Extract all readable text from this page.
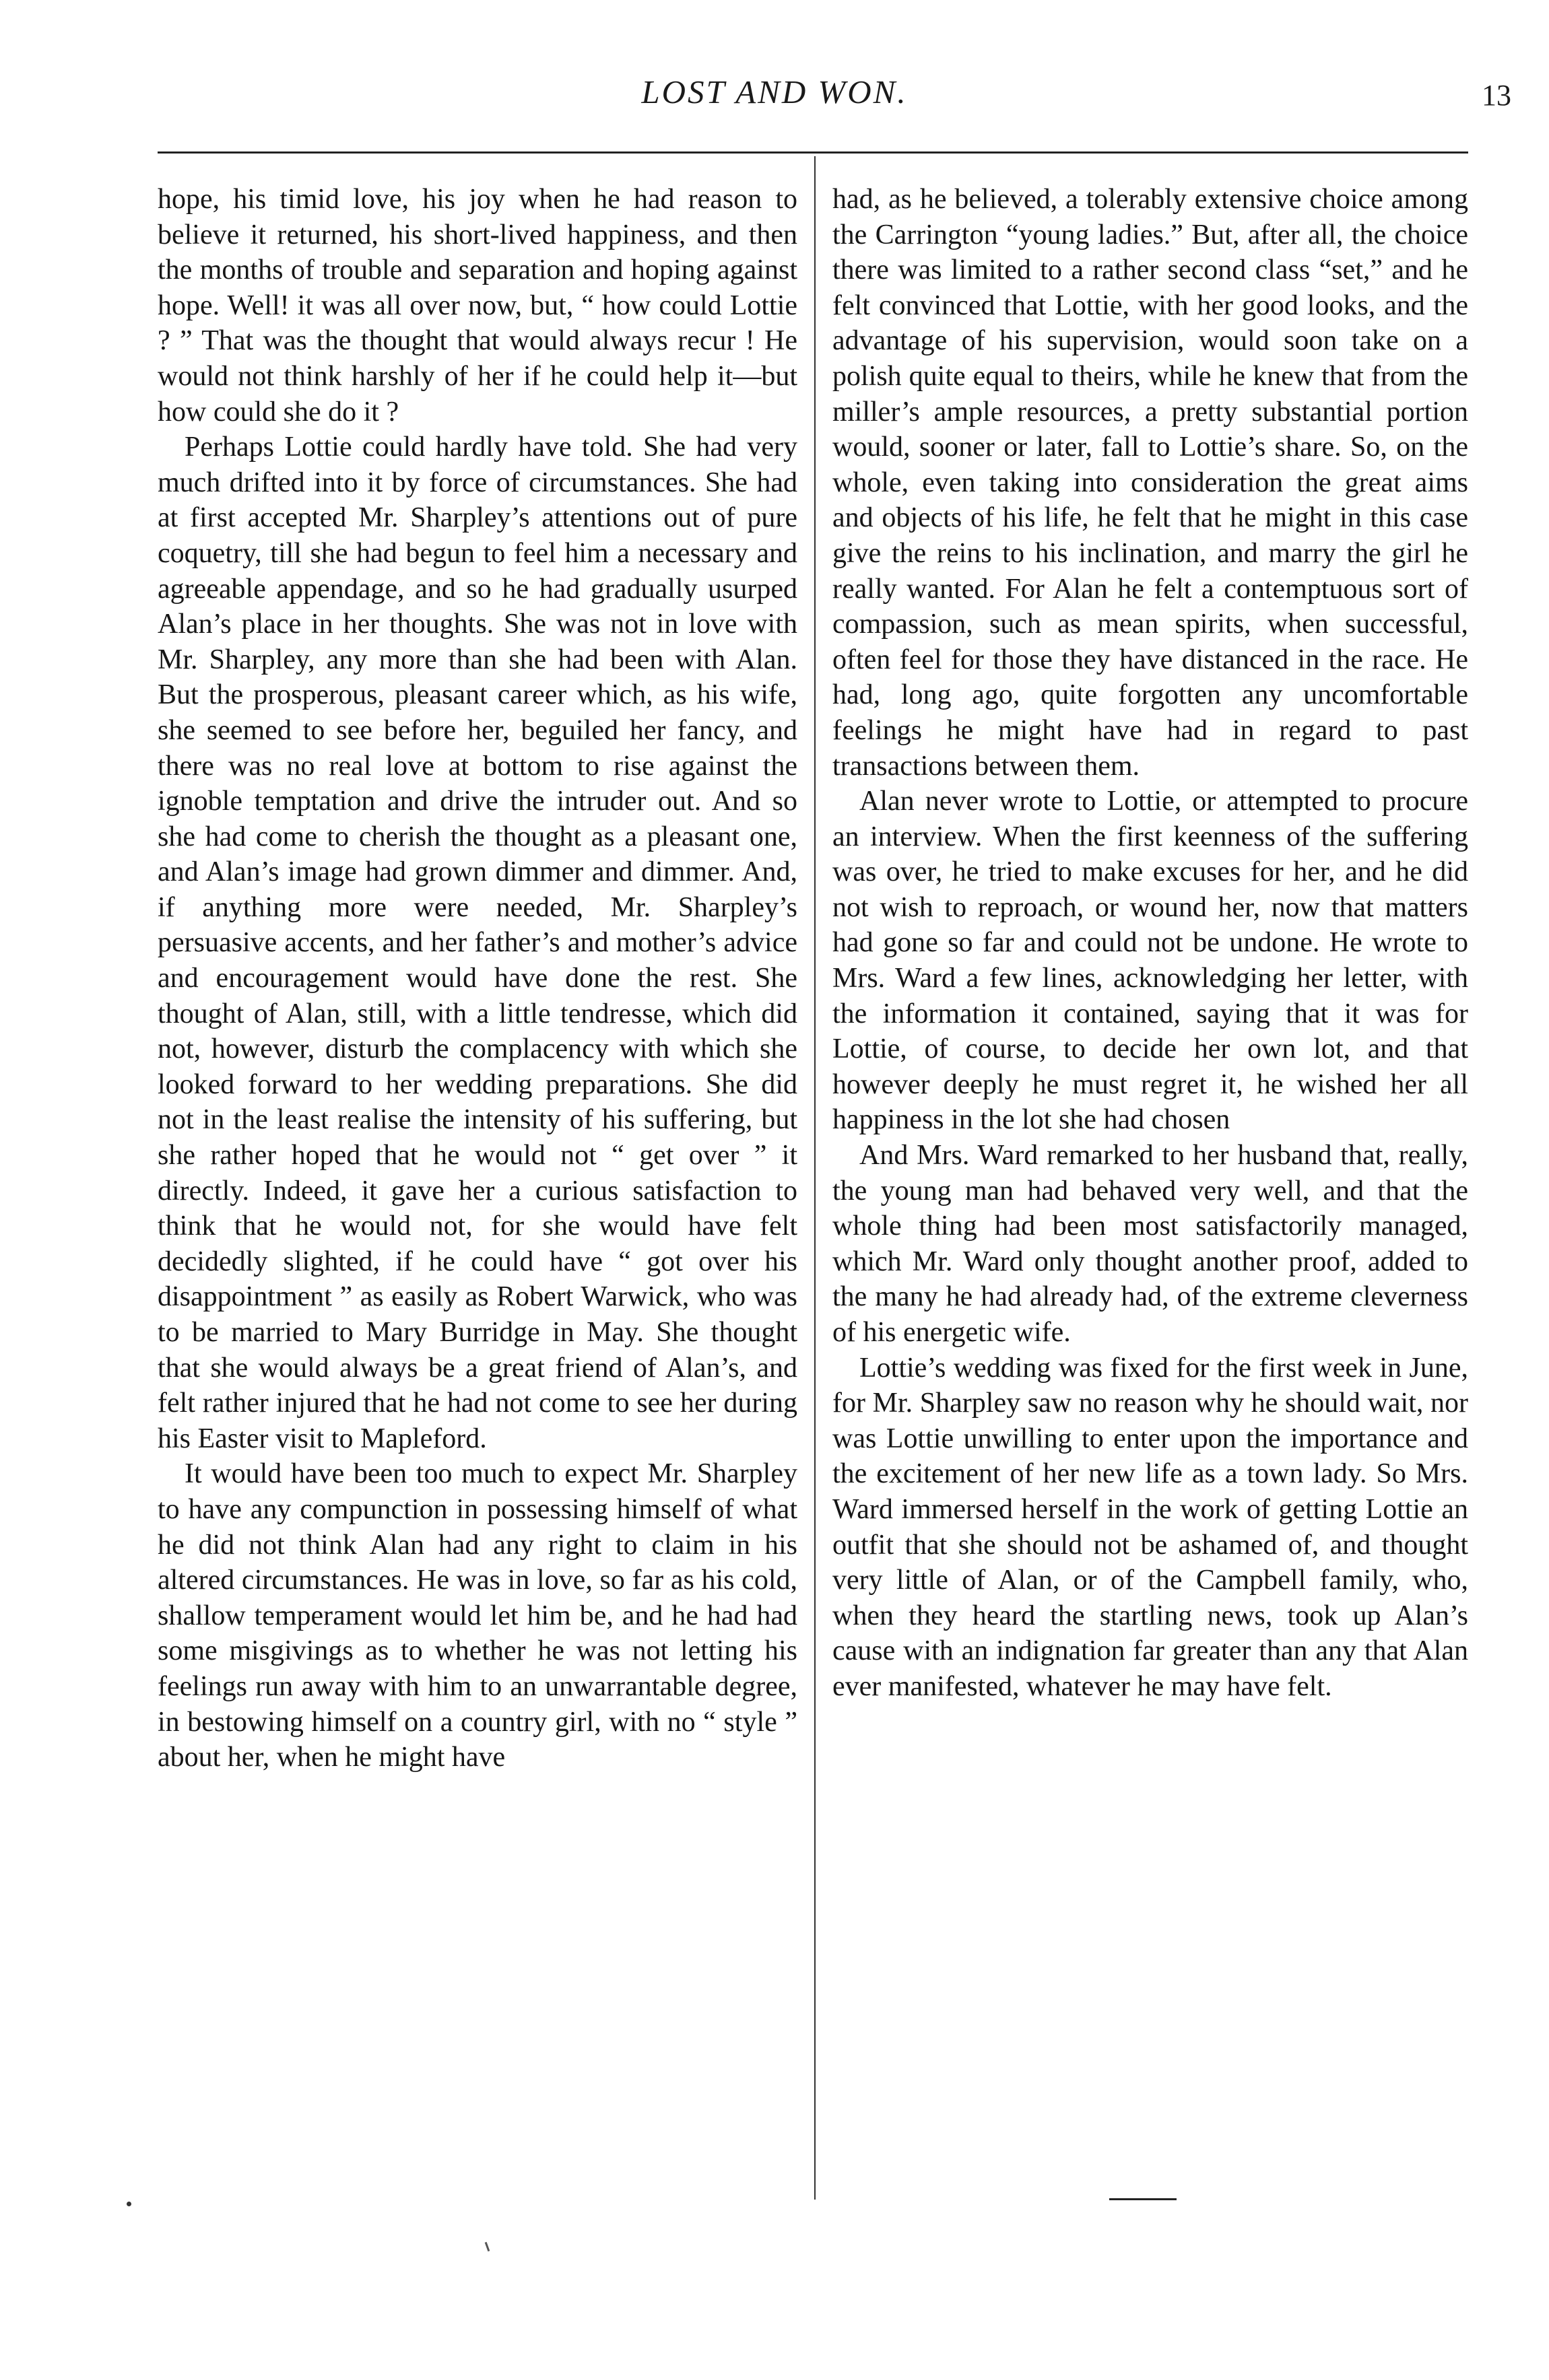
LOST AND WON.	13

hope, his timid love, his joy when he had reason to believe it returned, his short-lived happiness, and then the months of trouble and separation and hoping against hope. Well! it was all over now, but, “ how could Lottie ? ” That was the thought that would always recur ! He would not think harshly of her if he could help it—but how could she do it ?

Perhaps Lottie could hardly have told. She had very much drifted into it by force of circumstances. She had at first accepted Mr. Sharpley’s attentions out of pure coquetry, till she had begun to feel him a necessary and agreeable appendage, and so he had gradually usurped Alan’s place in her thoughts. She was not in love with Mr. Sharpley, any more than she had been with Alan. But the prosperous, pleasant career which, as his wife, she seemed to see before her, beguiled her fancy, and there was no real love at bottom to rise against the ignoble temptation and drive the intruder out. And so she had come to cherish the thought as a pleasant one, and Alan’s image had grown dimmer and dimmer. And, if anything more were needed, Mr. Sharpley’s persuasive accents, and her father’s and mother’s advice and encouragement would have done the rest. She thought of Alan, still, with a little tendresse, which did not, however, disturb the complacency with which she looked forward to her wedding preparations. She did not in the least realise the intensity of his suffering, but she rather hoped that he would not “ get over ” it directly. Indeed, it gave her a curious satisfaction to think that he would not, for she would have felt decidedly slighted, if he could have “ got over his disappointment ” as easily as Robert Warwick, who was to be married to Mary Burridge in May. She thought that she would always be a great friend of Alan’s, and felt rather injured that he had not come to see her during his Easter visit to Mapleford.

It would have been too much to expect Mr. Sharpley to have any compunction in possessing himself of what he did not think Alan had any right to claim in his altered circumstances. He was in love, so far as his cold, shallow temperament would let him be, and he had had some misgivings as to whether he was not letting his feelings run away with him to an unwarrantable degree, in bestowing himself on a country girl, with no “ style ” about her, when he might have

had, as he believed, a tolerably extensive choice among the Carrington “young ladies.” But, after all, the choice there was limited to a rather second class “set,” and he felt convinced that Lottie, with her good looks, and the advantage of his supervision, would soon take on a polish quite equal to theirs, while he knew that from the miller’s ample resources, a pretty substantial portion would, sooner or later, fall to Lottie’s share. So, on the whole, even taking into consideration the great aims and objects of his life, he felt that he might in this case give the reins to his inclination, and marry the girl he really wanted. For Alan he felt a contemptuous sort of compassion, such as mean spirits, when successful, often feel for those they have distanced in the race. He had, long ago, quite forgotten any uncomfortable feelings he might have had in regard to past transactions between them.

Alan never wrote to Lottie, or attempted to procure an interview. When the first keenness of the suffering was over, he tried to make excuses for her, and he did not wish to reproach, or wound her, now that matters had gone so far and could not be undone. He wrote to Mrs. Ward a few lines, acknowledging her letter, with the information it contained, saying that it was for Lottie, of course, to decide her own lot, and that however deeply he must regret it, he wished her all happiness in the lot she had chosen

And Mrs. Ward remarked to her husband that, really, the young man had behaved very well, and that the whole thing had been most satisfactorily managed, which Mr. Ward only thought another proof, added to the many he had already had, of the extreme cleverness of his energetic wife.

Lottie’s wedding was fixed for the first week in June, for Mr. Sharpley saw no reason why he should wait, nor was Lottie unwilling to enter upon the importance and the excitement of her new life as a town lady. So Mrs. Ward immersed herself in the work of getting Lottie an outfit that she should not be ashamed of, and thought very little of Alan, or of the Campbell family, who, when they heard the startling news, took up Alan’s cause with an indignation far greater than any that Alan ever manifested, whatever he may have felt.
